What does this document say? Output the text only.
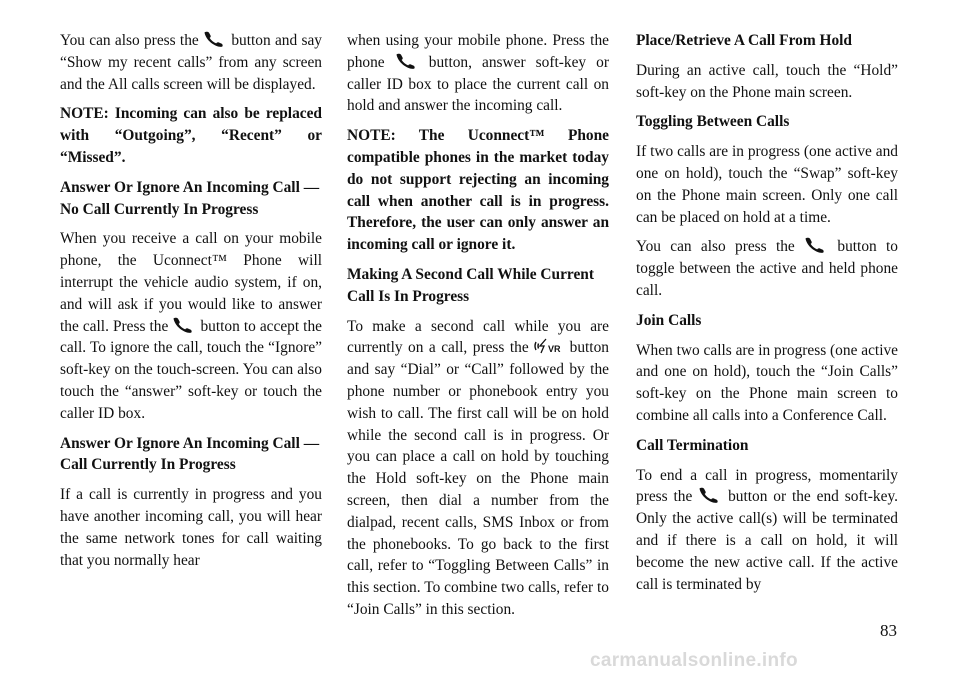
You can also press the button and say “Show my recent calls” from any screen and the All calls screen will be displayed.

NOTE: Incoming can also be replaced with “Outgoing”, “Recent” or “Missed”.

Answer Or Ignore An Incoming Call — No Call Currently In Progress

When you receive a call on your mobile phone, the Uconnect™ Phone will interrupt the vehicle audio system, if on, and will ask if you would like to answer the call. Press the button to accept the call. To ignore the call, touch the “Ignore” soft-key on the touch-screen. You can also touch the “answer” soft-key or touch the caller ID box.

Answer Or Ignore An Incoming Call — Call Currently In Progress

If a call is currently in progress and you have another incoming call, you will hear the same network tones for call waiting that you normally hear

when using your mobile phone. Press the phone	button, answer soft-key or caller ID box to place the current call on hold and answer the incoming call.

NOTE: The Uconnect™ Phone compatible phones in the market today do not support rejecting an incoming call when another call is in progress. Therefore, the user can only answer an incoming call or ignore it.

Making A Second Call While Current Call Is In Progress

To make a second call while you are currently on a call, press the VR button and say “Dial” or “Call” followed by the phone number or phonebook entry you wish to call. The first call will be on hold while the second call is in progress. Or you can place a call on hold by touching the Hold soft-key on the Phone main screen, then dial a number from the dialpad, recent calls, SMS Inbox or from the phonebooks. To go back to the first call, refer to “Toggling Between Calls” in this section. To combine two calls, refer to “Join Calls” in this section.

Place/Retrieve A Call From Hold

During an active call, touch the “Hold” soft-key on the Phone main screen.

Toggling Between Calls

If two calls are in progress (one active and one on hold), touch the “Swap” soft-key on the Phone main screen. Only one call can be placed on hold at a time.

You can also press the	button to toggle between the active and held phone call.

Join Calls

When two calls are in progress (one active and one on hold), touch the “Join Calls” soft-key on the Phone main screen to combine all calls into a Conference Call.

Call Termination

To end a call in progress, momentarily press the button or the end soft-key. Only the active call(s) will be terminated and if there is a call on hold, it will become the new active call. If the active call is terminated by

83
carmanualsonline.info
